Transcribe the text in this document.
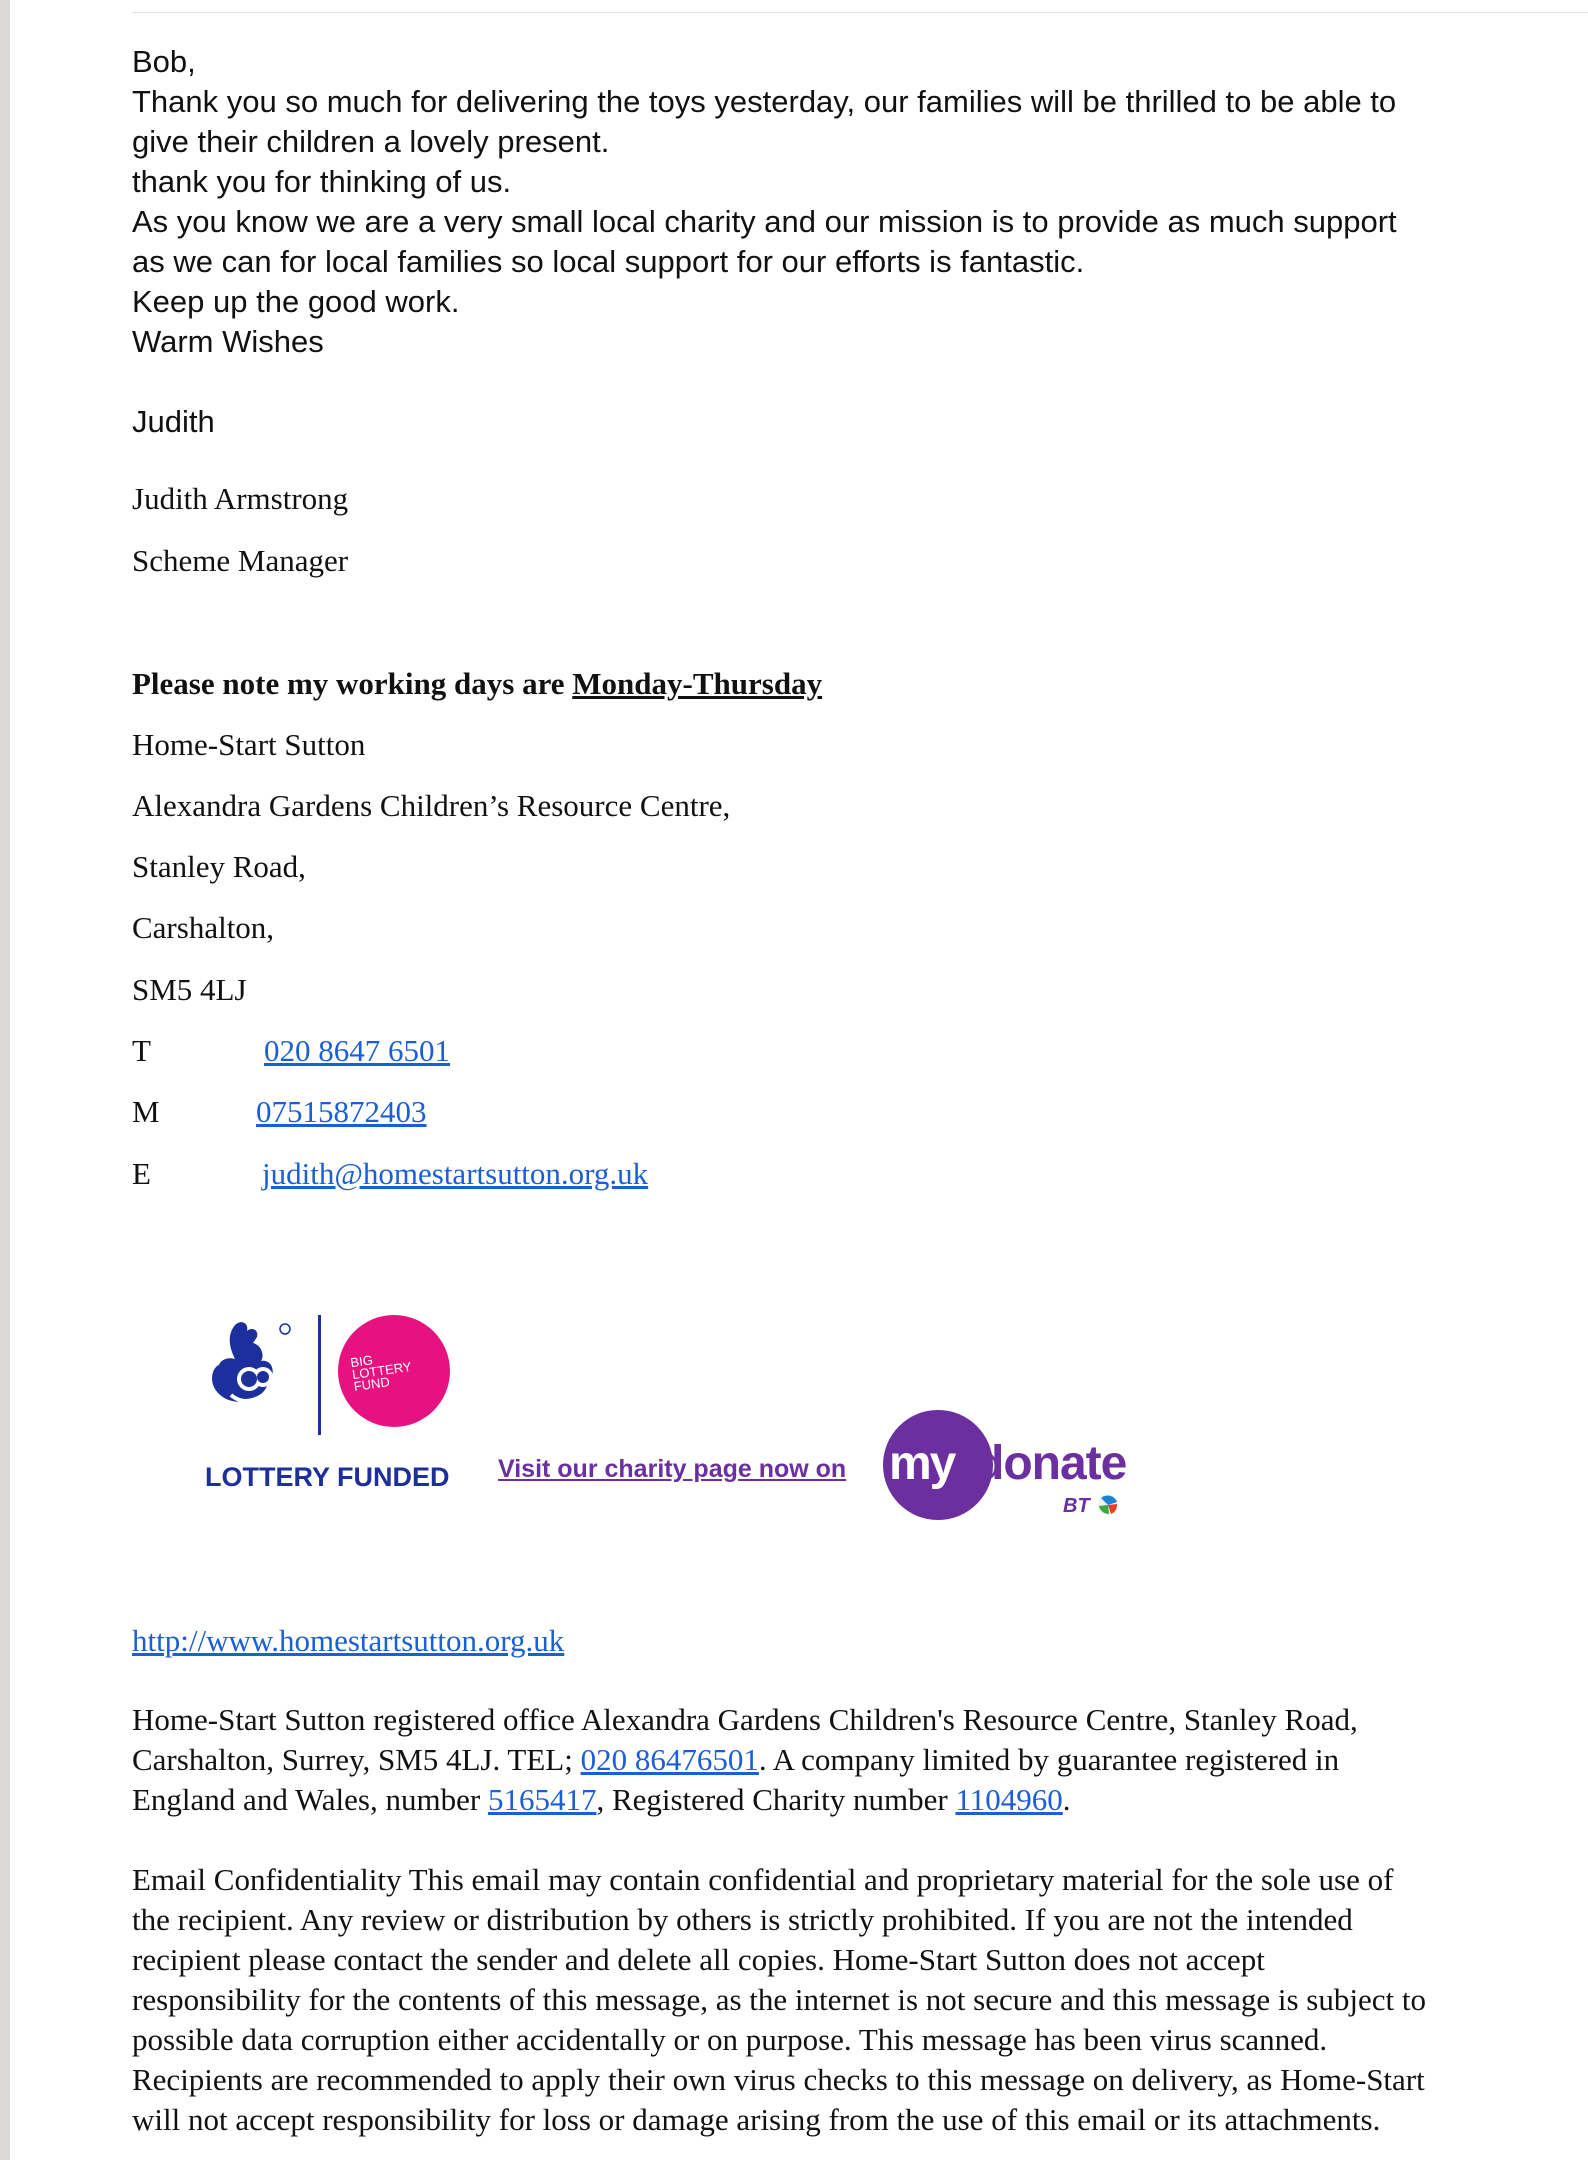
Bob,
Thank you so much for delivering the toys yesterday, our families will be thrilled to be able to
give their children a lovely present.
thank you for thinking of us.
As you know we are a very small local charity and our mission is to provide as much support
as we can for local families so local support for our efforts is fantastic.
Keep up the good work.
Warm Wishes
Judith
Judith Armstrong
Scheme Manager
Please note my working days are Monday-Thursday
Home-Start Sutton
Alexandra Gardens Children’s Resource Centre,
Stanley Road,
Carshalton,
SM5 4LJ
T	020 8647 6501
M	07515872403
E	judith@homestartsutton.org.uk
BIG LOTTERY FUND
LOTTERY FUNDED Visit our charity page now on my donate
BT
http://www.homestartsutton.org.uk
Home-Start Sutton registered office Alexandra Gardens Children's Resource Centre, Stanley Road,
Carshalton, Surrey, SM5 4LJ. TEL; 020 86476501. A company limited by guarantee registered in
England and Wales, number 5165417, Registered Charity number 1104960.
Email Confidentiality This email may contain confidential and proprietary material for the sole use of
the recipient. Any review or distribution by others is strictly prohibited. If you are not the intended
recipient please contact the sender and delete all copies. Home-Start Sutton does not accept
responsibility for the contents of this message, as the internet is not secure and this message is subject to
possible data corruption either accidentally or on purpose. This message has been virus scanned.
Recipients are recommended to apply their own virus checks to this message on delivery, as Home-Start
will not accept responsibility for loss or damage arising from the use of this email or its attachments.
